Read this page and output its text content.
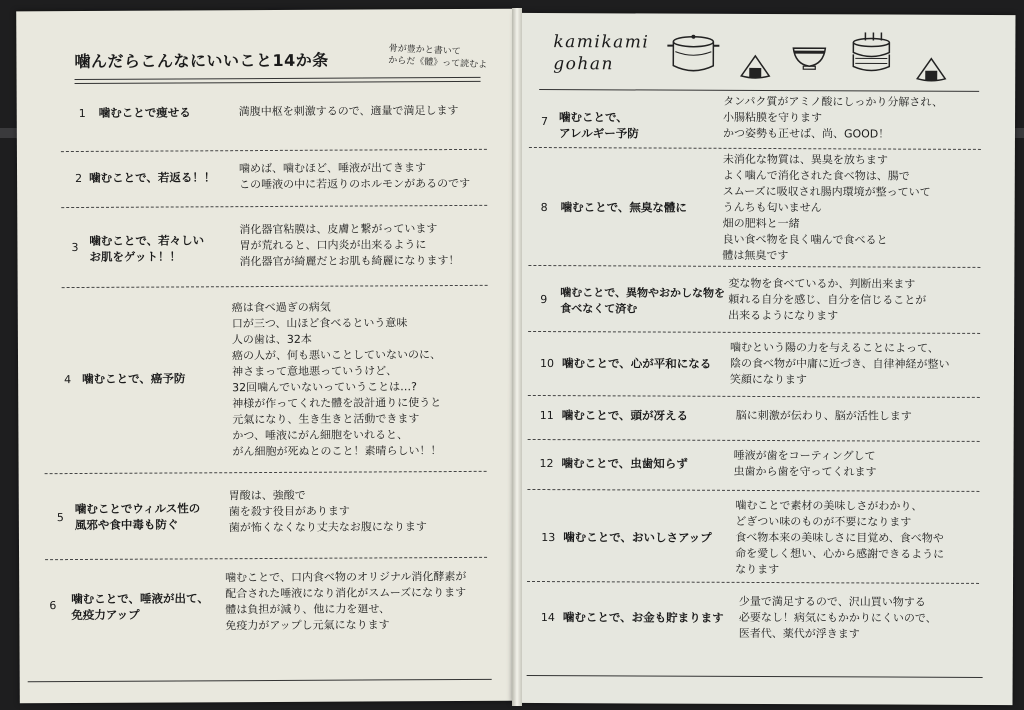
噛んだらこんなにいいこと14か条
骨が豊かと書いて
からだ《體》って読むよ
1 噛むことで痩せる	満腹中枢を刺激するので、適量で満足します
2 噛むことで、若返る！！
噛めば、噛むほど、唾液が出てきます
この唾液の中に若返りのホルモンがあるのです
3 噛むことで、若々しい
お肌をゲット！！
消化器官粘膜は、皮膚と繋がっています
胃が荒れると、口内炎が出来るように
消化器官が綺麗だとお肌も綺麗になります！
4 噛むことで、癌予防
癌は食べ過ぎの病気
口が三つ、山ほど食べるという意味
人の歯は、32本
癌の人が、何も悪いことしていないのに、
神さまって意地悪っていうけど、
32回噛んでいないっていうことは…?
神様が作ってくれた體を設計通りに使うと
元氣になり、生き生きと活動できます
かつ、唾液にがん細胞をいれると、
がん細胞が死ぬとのこと！素晴らしい！！
5
噛むことでウィルス性の
風邪や食中毒も防ぐ
胃酸は、強酸で
菌を殺す役目があります
菌が怖くなくなり丈夫なお腹になります
6 噛むことで、唾液が出て、
免疫力アップ
噛むことで、口内食べ物のオリジナル消化酵素が
配合された唾液になり消化がスムーズになります
體は負担が減り、他に力を廻せ、
免疫力がアップし元氣になります
kamikami
gohan
7 噛むことで、
アレルギー予防
タンパク質がアミノ酸にしっかり分解され、
小腸粘膜を守ります
かつ姿勢も正せば、尚、GOOD！
8 噛むことで、無臭な體に
未消化な物質は、異臭を放ちます
よく噛んで消化された食べ物は、腸で
スムーズに吸収され腸内環境が整っていて
うんちも匂いません
畑の肥料と一緒
良い食べ物を良く噛んで食べると
體は無臭です
9 噛むことで、異物やおかしな物を
食べなくて済む
変な物を食べているか、判断出来ます
頼れる自分を感じ、自分を信じることが
出来るようになります
10 噛むことで、心が平和になる
噛むという陽の力を与えることによって、
陰の食べ物が中庸に近づき、自律神経が整い
笑顔になります
11 噛むことで、頭が冴える	脳に刺激が伝わり、脳が活性します
12 噛むことで、虫歯知らず
唾液が歯をコーティングして
虫歯から歯を守ってくれます
13 噛むことで、おいしさアップ
噛むことで素材の美味しさがわかり、
どぎつい味のものが不要になります
食べ物本来の美味しさに目覚め、食べ物や
命を愛しく想い、心から感謝できるように
なります
14 噛むことで、お金も貯まります
少量で満足するので、沢山買い物する
必要なし！病気にもかかりにくいので、
医者代、薬代が浮きます
